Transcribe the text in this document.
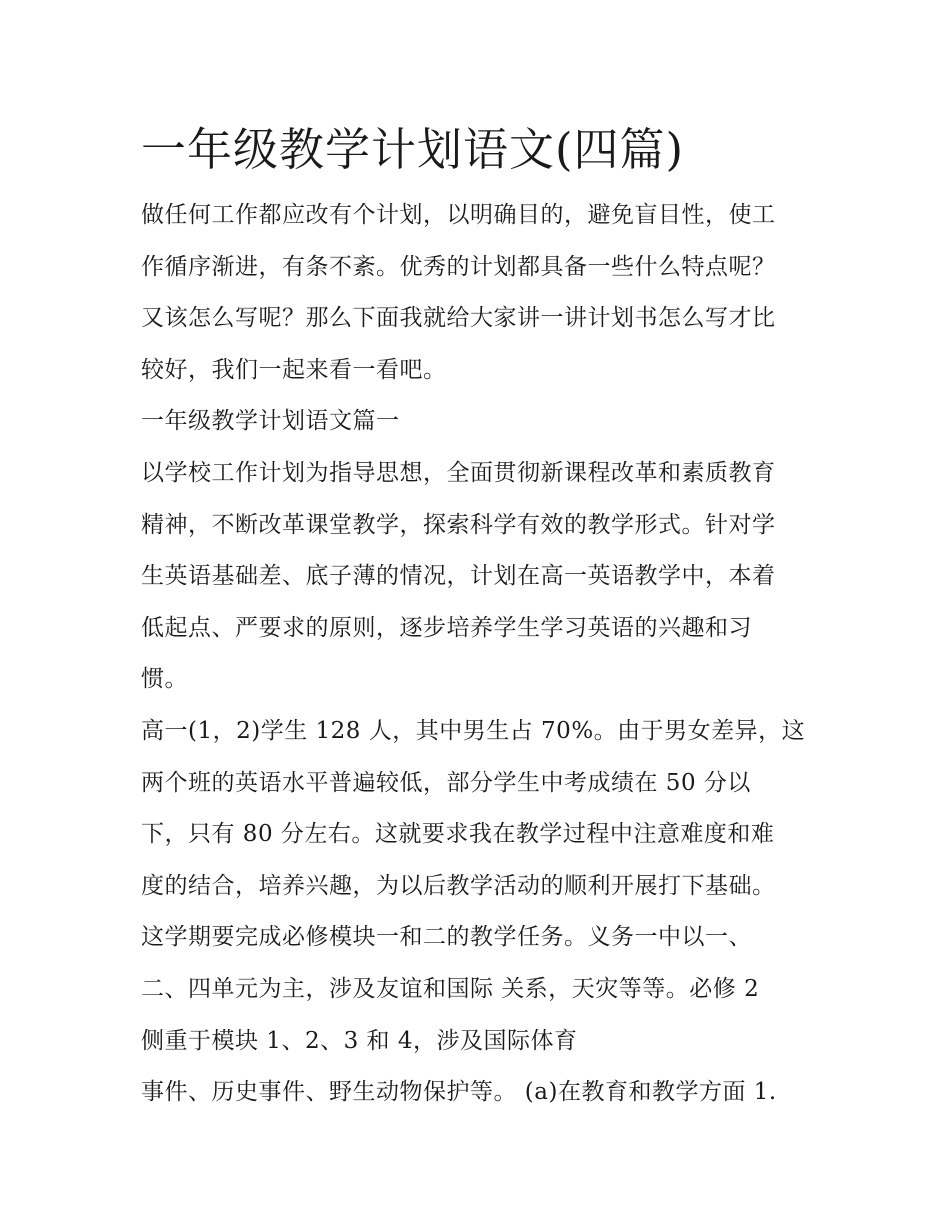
一年级教学计划语文(四篇)
做任何工作都应改有个计划，以明确目的，避免盲目性，使工
作循序渐进，有条不紊。优秀的计划都具备一些什么特点呢？
又该怎么写呢？那么下面我就给大家讲一讲计划书怎么写才比
较好，我们一起来看一看吧。
一年级教学计划语文篇一
以学校工作计划为指导思想，全面贯彻新课程改革和素质教育
精神，不断改革课堂教学，探索科学有效的教学形式。针对学
生英语基础差、底子薄的情况，计划在高一英语教学中，本着
低起点、严要求的原则，逐步培养学生学习英语的兴趣和习
惯。
高一(1，2)学生 128 人，其中男生占 70%。由于男女差异，这
两个班的英语水平普遍较低，部分学生中考成绩在 50 分以
下，只有 80 分左右。这就要求我在教学过程中注意难度和难
度的结合，培养兴趣，为以后教学活动的顺利开展打下基础。
这学期要完成必修模块一和二的教学任务。义务一中以一、
二、四单元为主，涉及友谊和国际 关系，天灾等等。必修 2
侧重于模块 1、2、3 和 4，涉及国际体育
事件、历史事件、野生动物保护等。 (a)在教育和教学方面 1.
